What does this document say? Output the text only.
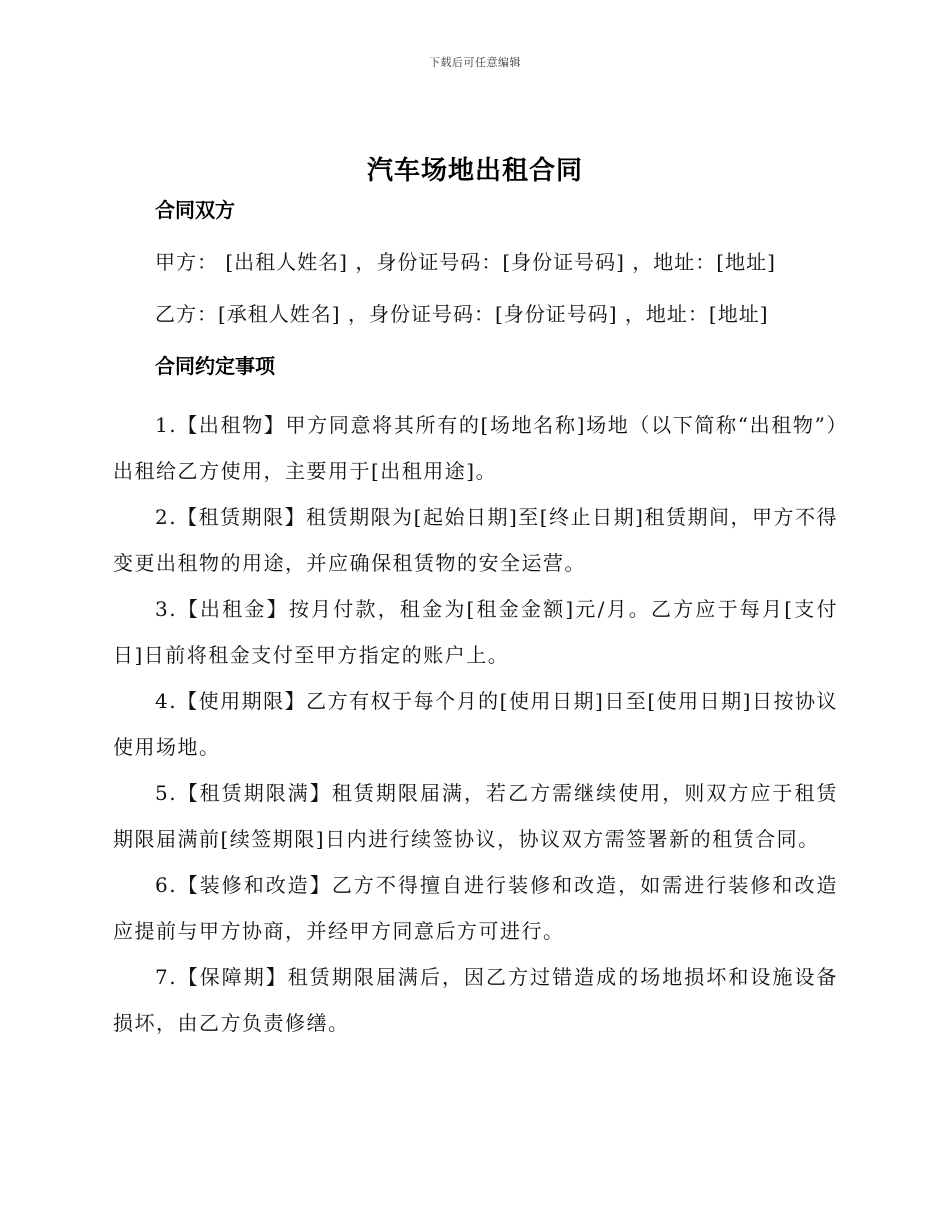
下载后可任意编辑
汽车场地出租合同
合同双方
甲方： [出租人姓名] ，身份证号码：[身份证号码] ，地址：[地址]
乙方：[承租人姓名] ，身份证号码：[身份证号码] ，地址：[地址]
合同约定事项

1.【出租物】甲方同意将其所有的[场地名称]场地（以下简称“出租物”）出租给乙方使用，主要用于[出租用途]。

2.【租赁期限】租赁期限为[起始日期]至[终止日期]租赁期间，甲方不得变更出租物的用途，并应确保租赁物的安全运营。

3.【出租金】按月付款，租金为[租金金额]元/月。乙方应于每月[支付日]日前将租金支付至甲方指定的账户上。

4.【使用期限】乙方有权于每个月的[使用日期]日至[使用日期]日按协议使用场地。

5.【租赁期限满】租赁期限届满，若乙方需继续使用，则双方应于租赁期限届满前[续签期限]日内进行续签协议，协议双方需签署新的租赁合同。

6.【装修和改造】乙方不得擅自进行装修和改造，如需进行装修和改造应提前与甲方协商，并经甲方同意后方可进行。

7.【保障期】租赁期限届满后，因乙方过错造成的场地损坏和设施设备损坏，由乙方负责修缮。
